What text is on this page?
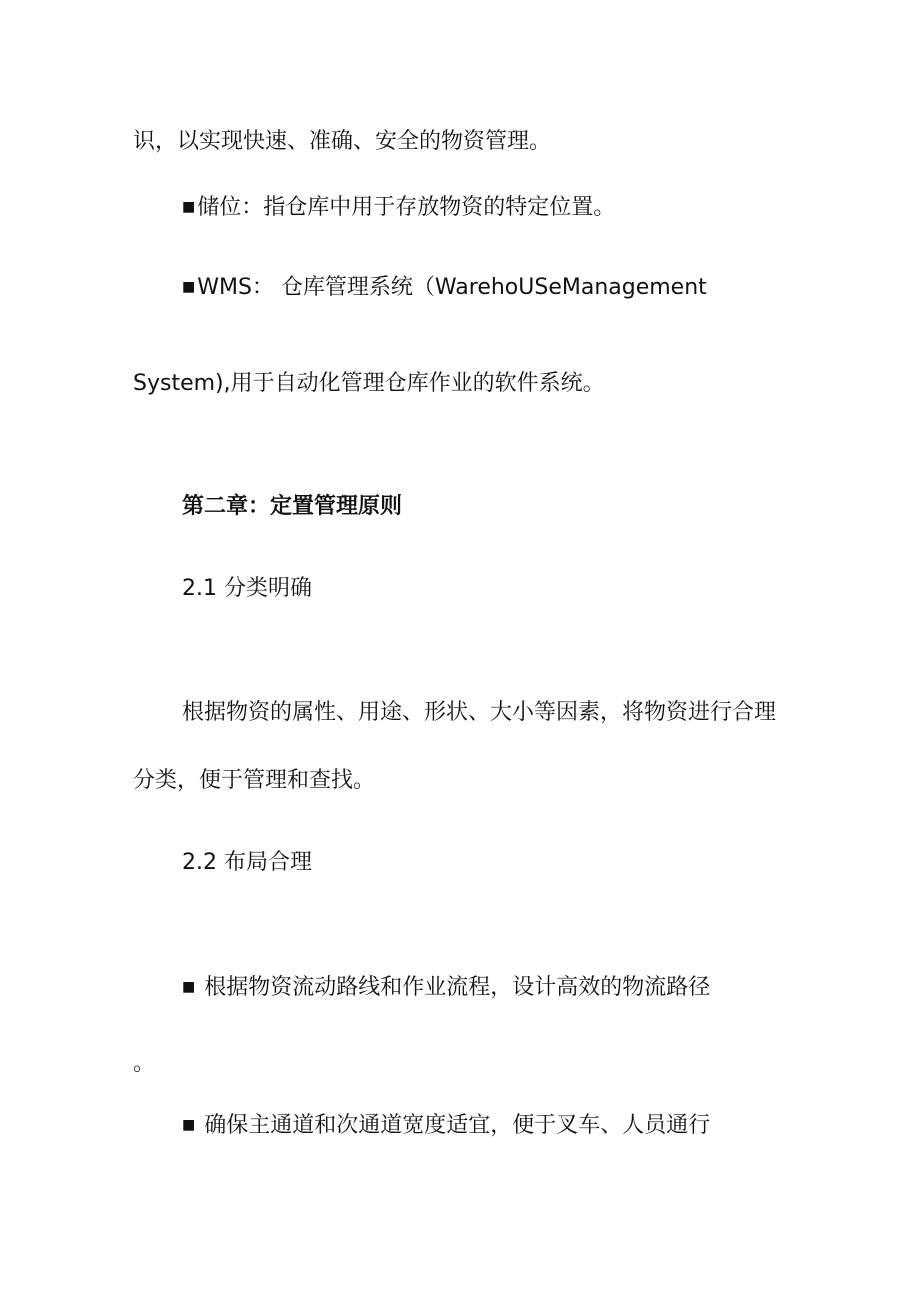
识，以实现快速、准确、安全的物资管理。
■储位：指仓库中用于存放物资的特定位置。
■WMS： 仓库管理系统（WarehoUSeManagement
System),用于自动化管理仓库作业的软件系统。
第二章：定置管理原则
2.1 分类明确
根据物资的属性、用途、形状、大小等因素，将物资进行合理
分类，便于管理和查找。
2.2 布局合理
■ 根据物资流动路线和作业流程，设计高效的物流路径
。
■ 确保主通道和次通道宽度适宜，便于叉车、人员通行
